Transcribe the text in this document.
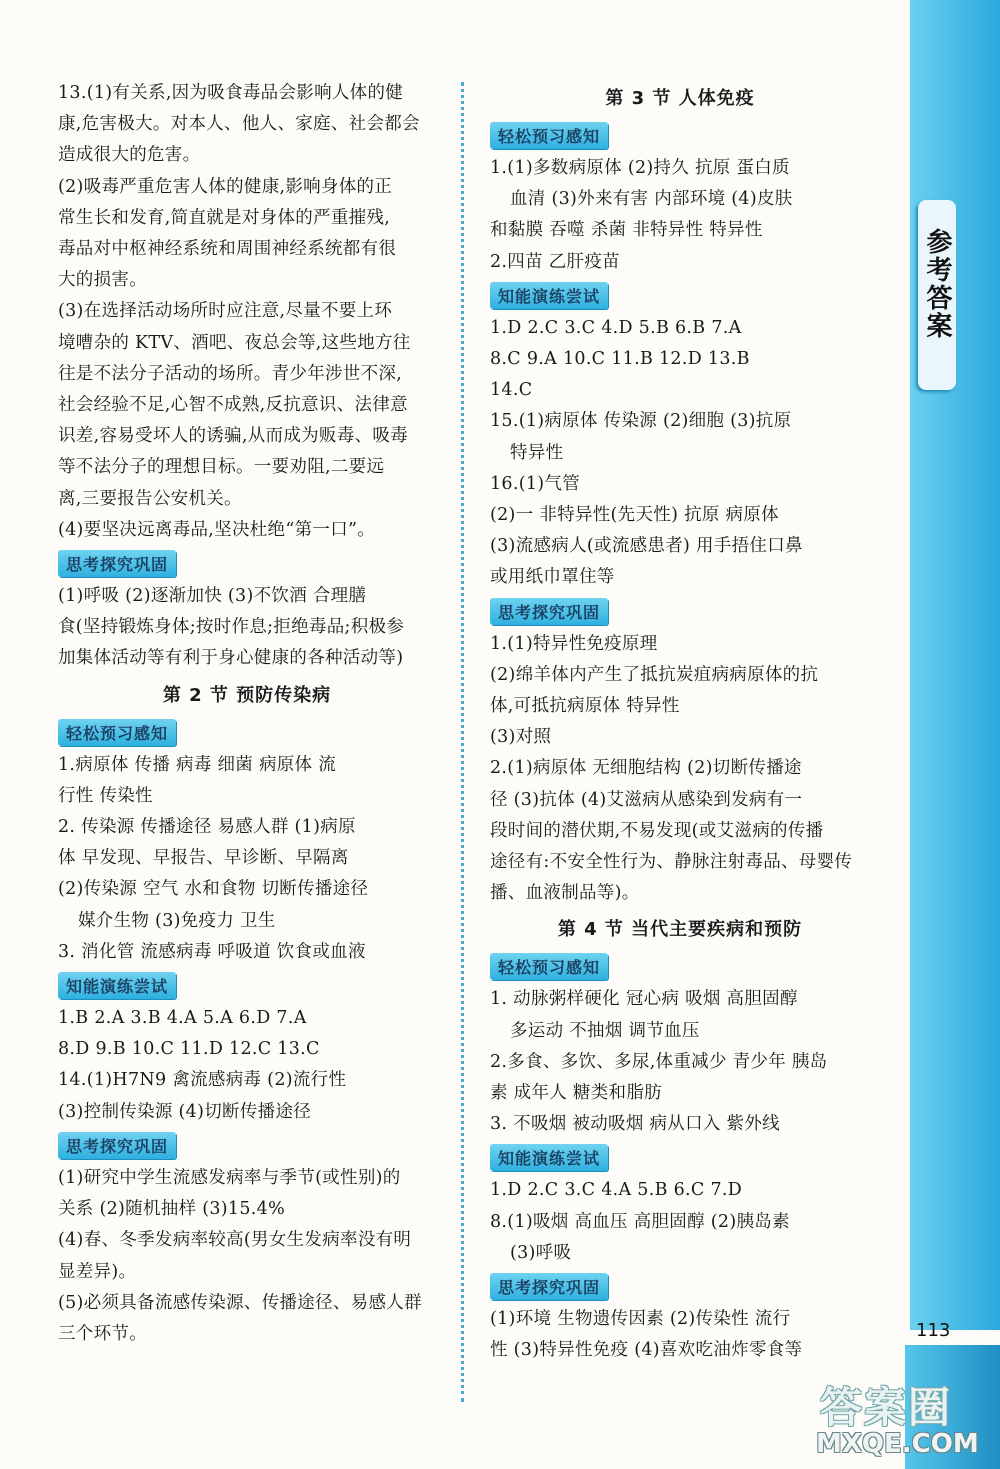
参考答案
13.(1)有关系,因为吸食毒品会影响人体的健
康,危害极大。对本人、他人、家庭、社会都会
造成很大的危害。
(2)吸毒严重危害人体的健康,影响身体的正
常生长和发育,简直就是对身体的严重摧残,
毒品对中枢神经系统和周围神经系统都有很
大的损害。
(3)在选择活动场所时应注意,尽量不要上环
境嘈杂的 KTV、酒吧、夜总会等,这些地方往
往是不法分子活动的场所。青少年涉世不深,
社会经验不足,心智不成熟,反抗意识、法律意
识差,容易受坏人的诱骗,从而成为贩毒、吸毒
等不法分子的理想目标。一要劝阻,二要远
离,三要报告公安机关。
(4)要坚决远离毒品,坚决杜绝“第一口”。
思考探究巩固
(1)呼吸 (2)逐渐加快 (3)不饮酒 合理膳
食(坚持锻炼身体;按时作息;拒绝毒品;积极参
加集体活动等有利于身心健康的各种活动等)
第 2 节 预防传染病
轻松预习感知
1.病原体 传播 病毒 细菌 病原体 流
行性 传染性
2. 传染源 传播途径 易感人群 (1)病原
体 早发现、早报告、早诊断、早隔离
(2)传染源 空气 水和食物 切断传播途径
媒介生物 (3)免疫力 卫生
3. 消化管 流感病毒 呼吸道 饮食或血液
知能演练尝试
1.B 2.A 3.B 4.A 5.A 6.D 7.A
8.D 9.B 10.C 11.D 12.C 13.C
14.(1)H7N9 禽流感病毒 (2)流行性
(3)控制传染源 (4)切断传播途径
思考探究巩固
(1)研究中学生流感发病率与季节(或性别)的
关系 (2)随机抽样 (3)15.4%
(4)春、冬季发病率较高(男女生发病率没有明
显差异)。
(5)必须具备流感传染源、传播途径、易感人群
三个环节。
第 3 节 人体免疫
轻松预习感知
1.(1)多数病原体 (2)持久 抗原 蛋白质
血清 (3)外来有害 内部环境 (4)皮肤
和黏膜 吞噬 杀菌 非特异性 特异性
2.四苗 乙肝疫苗
知能演练尝试
1.D 2.C 3.C 4.D 5.B 6.B 7.A
8.C 9.A 10.C 11.B 12.D 13.B
14.C
15.(1)病原体 传染源 (2)细胞 (3)抗原
特异性
16.(1)气管
(2)一 非特异性(先天性) 抗原 病原体
(3)流感病人(或流感患者) 用手捂住口鼻
或用纸巾罩住等
思考探究巩固
1.(1)特异性免疫原理
(2)绵羊体内产生了抵抗炭疽病病原体的抗
体,可抵抗病原体 特异性
(3)对照
2.(1)病原体 无细胞结构 (2)切断传播途
径 (3)抗体 (4)艾滋病从感染到发病有一
段时间的潜伏期,不易发现(或艾滋病的传播
途径有:不安全性行为、静脉注射毒品、母婴传
播、血液制品等)。
第 4 节 当代主要疾病和预防
轻松预习感知
1. 动脉粥样硬化 冠心病 吸烟 高胆固醇
多运动 不抽烟 调节血压
2.多食、多饮、多尿,体重减少 青少年 胰岛
素 成年人 糖类和脂肪
3. 不吸烟 被动吸烟 病从口入 紫外线
知能演练尝试
1.D 2.C 3.C 4.A 5.B 6.C 7.D
8.(1)吸烟 高血压 高胆固醇 (2)胰岛素
(3)呼吸
思考探究巩固
(1)环境 生物遗传因素 (2)传染性 流行
性 (3)特异性免疫 (4)喜欢吃油炸零食等
113
答案圈
MXQE.COM
